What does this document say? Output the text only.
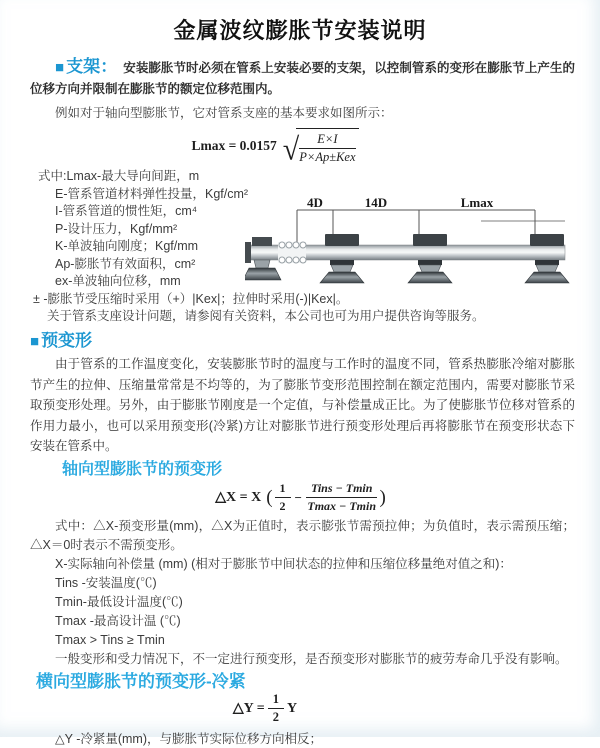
金属波纹膨胀节安装说明

■ 支架： 安装膨胀节时必须在管系上安装必要的支架，以控制管系的变形在膨胀节上产生的位移方向并限制在膨胀节的额定位移范围内。

例如对于轴向型膨胀节，它对管系支座的基本要求如图所示：

Lmax = 0.0157 √ $\frac{E\times I}{\text{P×Ap±Kex}}$
式中:Lmax-最大导向间距，m
E-管系管道材料弹性投量，Kgf/cm²
I-管系管道的惯性矩，cm⁴
P-设计压力，Kgf/mm²
K-单波轴向刚度；Kgf/mm
Ap-膨胀节有效面积，cm²
ex-单波轴向位移，mm
± -膨胀节受压缩时采用（+）|Kex|；拉伸时采用(-)|Kex|。
关于管系支座设计问题，请参阅有关资料，本公司也可为用户提供咨询等服务。
4D	14D	Lmax
■ 预变形

由于管系的工作温度变化，安装膨胀节时的温度与工作时的温度不同，管系热膨胀冷缩对膨胀节产生的拉伸、压缩量常常是不均等的，为了膨胀节变形范围控制在额定范围内，需要对膨胀节采取预变形处理。另外，由于膨胀节刚度是一个定值，与补偿量成正比。为了使膨胀节位移对管系的作用力最小，也可以采用预变形(冷紧)方让对膨胀节进行预变形处理后再将膨胀节在预变形状态下安装在管系中。

轴向型膨胀节的预变形
△X = X ( $\frac{1}{2} - \frac{\text{Tins − Tmin}}{Tmax - Tmin}$ )
式中：△X-预变形量(mm)，△X为正值时，表示膨张节需预拉伸；为负值时，表示需预压缩；△X＝0时表示不需预变形。
X-实际轴向补偿量 (mm) (相对于膨胀节中间状态的拉伸和压缩位移量绝对值之和)：
Tins -安装温度(℃)
Tmin-最低设计温度(℃)
Tmax -最高设计温 (℃)
Tmax > Tins ≥ Tmin
一般变形和受力情况下，不一定进行预变形，是否预变形对膨胀节的疲劳寿命几乎没有影响。
横向型膨胀节的预变形-冷紧
△Y = $\frac{1}{2}$ Y
△Y -冷紧量(mm)，与膨胀节实际位移方向相反；
